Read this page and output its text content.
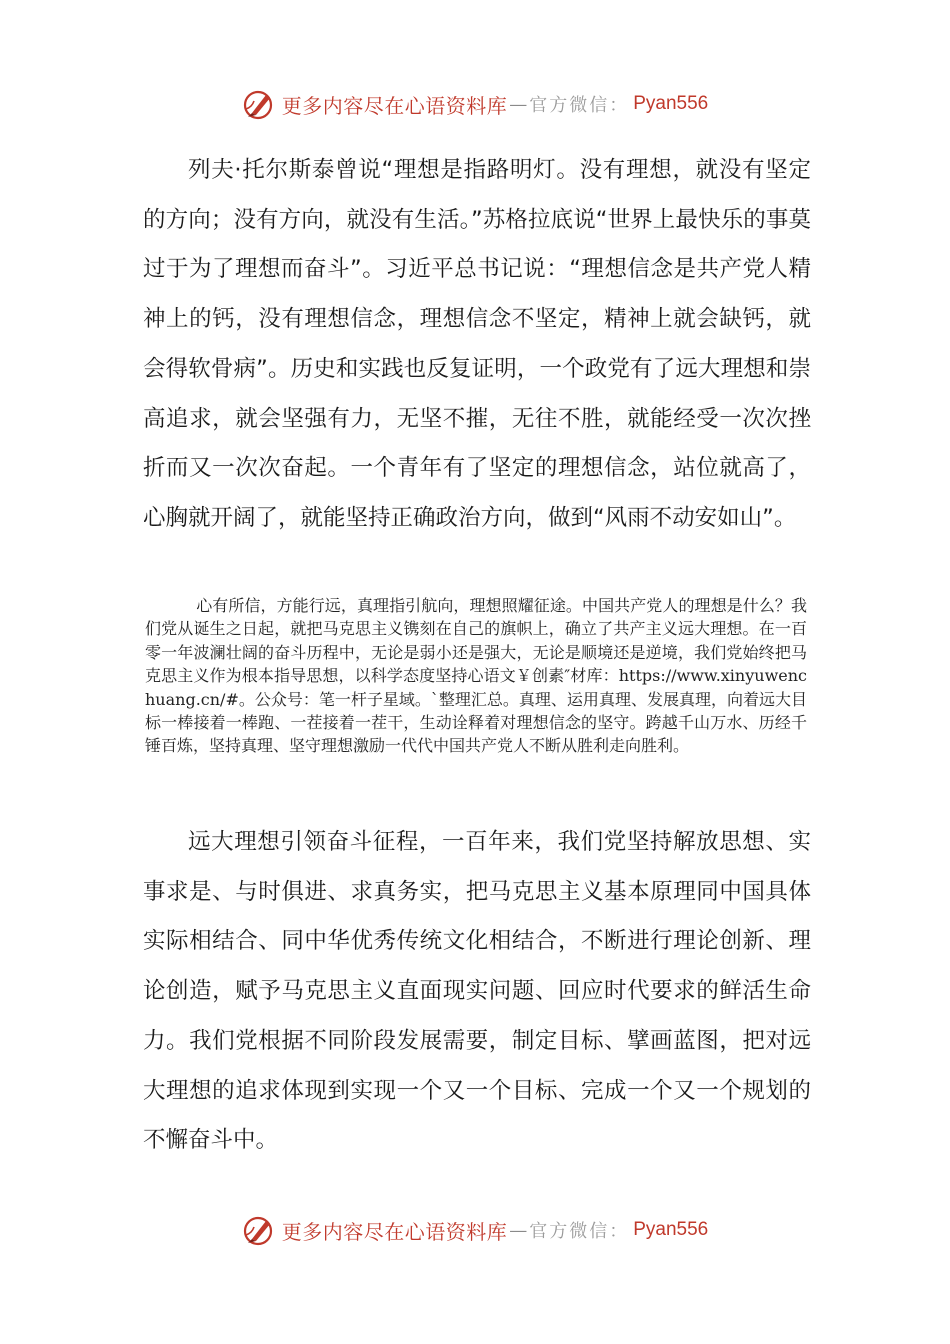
更多内容尽在心语资料库 — 官方微信： Pyan556

列夫·托尔斯泰曾说“理想是指路明灯。没有理想，就没有坚定的方向；没有方向，就没有生活。”苏格拉底说“世界上最快乐的事莫过于为了理想而奋斗”。习近平总书记说：“理想信念是共产党人精神上的钙，没有理想信念，理想信念不坚定，精神上就会缺钙，就会得软骨病”。历史和实践也反复证明，一个政党有了远大理想和崇高追求，就会坚强有力，无坚不摧，无往不胜，就能经受一次次挫折而又一次次奋起。一个青年有了坚定的理想信念，站位就高了，心胸就开阔了，就能坚持正确政治方向，做到“风雨不动安如山”。

心有所信，方能行远，真理指引航向，理想照耀征途。中国共产党人的理想是什么？我们党从诞生之日起，就把马克思主义镌刻在自己的旗帜上，确立了共产主义远大理想。在一百零一年波澜壮阔的奋斗历程中，无论是弱小还是强大，无论是顺境还是逆境，我们党始终把马克思主义作为根本指导思想，以科学态度坚持心语文￥创素″材库：https://www.xinyuwenchuang.cn/#。公众号：笔一杆子星域。`整理汇总。真理、运用真理、发展真理，向着远大目标一棒接着一棒跑、一茬接着一茬干，生动诠释着对理想信念的坚守。跨越千山万水、历经千锤百炼，坚持真理、坚守理想激励一代代中国共产党人不断从胜利走向胜利。

远大理想引领奋斗征程，一百年来，我们党坚持解放思想、实事求是、与时俱进、求真务实，把马克思主义基本原理同中国具体实际相结合、同中华优秀传统文化相结合，不断进行理论创新、理论创造，赋予马克思主义直面现实问题、回应时代要求的鲜活生命力。我们党根据不同阶段发展需要，制定目标、擘画蓝图，把对远大理想的追求体现到实现一个又一个目标、完成一个又一个规划的不懈奋斗中。

更多内容尽在心语资料库 — 官方微信： Pyan556
